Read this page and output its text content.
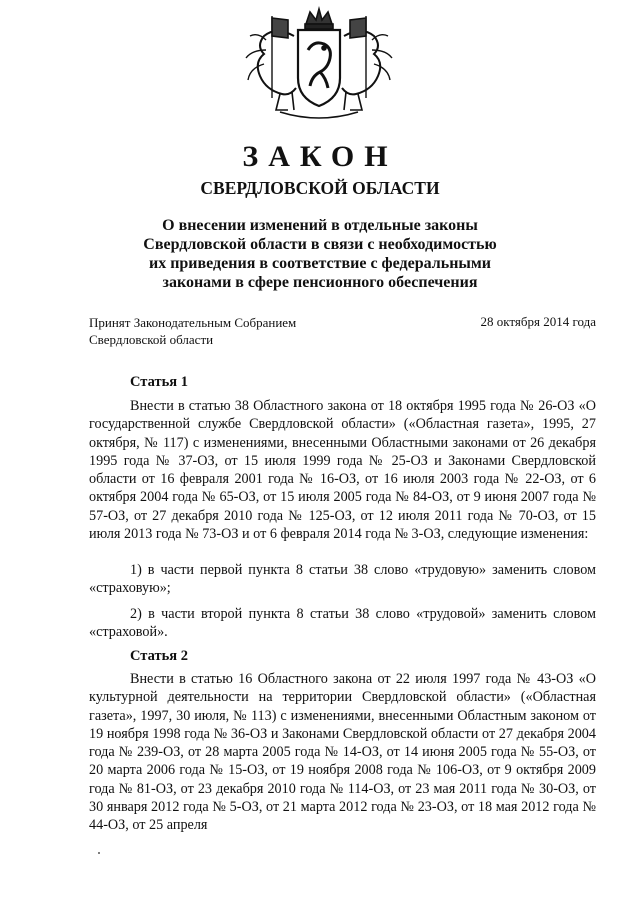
ЗАКОН
СВЕРДЛОВСКОЙ ОБЛАСТИ
О внесении изменений в отдельные законы
Свердловской области в связи с необходимостью
их приведения в соответствие с федеральными
законами в сфере пенсионного обеспечения
Принят Законодательным Собранием
Свердловской области
28 октября 2014 года
Статья 1
Внести в статью 38 Областного закона от 18 октября 1995 года № 26-ОЗ «О государственной службе Свердловской области» («Областная газета», 1995, 27 октября, № 117) с изменениями, внесенными Областными законами от 26 декабря 1995 года № 37-ОЗ, от 15 июля 1999 года № 25-ОЗ и Законами Свердловской области от 16 февраля 2001 года № 16-ОЗ, от 16 июля 2003 года № 22-ОЗ, от 6 октября 2004 года № 65-ОЗ, от 15 июля 2005 года № 84-ОЗ, от 9 июня 2007 года № 57-ОЗ, от 27 декабря 2010 года № 125-ОЗ, от 12 июля 2011 года № 70-ОЗ, от 15 июля 2013 года № 73-ОЗ и от 6 февраля 2014 года № 3-ОЗ, следующие изменения:
1) в части первой пункта 8 статьи 38 слово «трудовую» заменить словом «страховую»;
2) в части второй пункта 8 статьи 38 слово «трудовой» заменить словом «страховой».
Статья 2
Внести в статью 16 Областного закона от 22 июля 1997 года № 43-ОЗ «О культурной деятельности на территории Свердловской области» («Областная газета», 1997, 30 июля, № 113) с изменениями, внесенными Областным законом от 19 ноября 1998 года № 36-ОЗ и Законами Свердловской области от 27 декабря 2004 года № 239-ОЗ, от 28 марта 2005 года № 14-ОЗ, от 14 июня 2005 года № 55-ОЗ, от 20 марта 2006 года № 15-ОЗ, от 19 ноября 2008 года № 106-ОЗ, от 9 октября 2009 года № 81-ОЗ, от 23 декабря 2010 года № 114-ОЗ, от 23 мая 2011 года № 30-ОЗ, от 30 января 2012 года № 5-ОЗ, от 21 марта 2012 года № 23-ОЗ, от 18 мая 2012 года № 44-ОЗ, от 25 апреля
